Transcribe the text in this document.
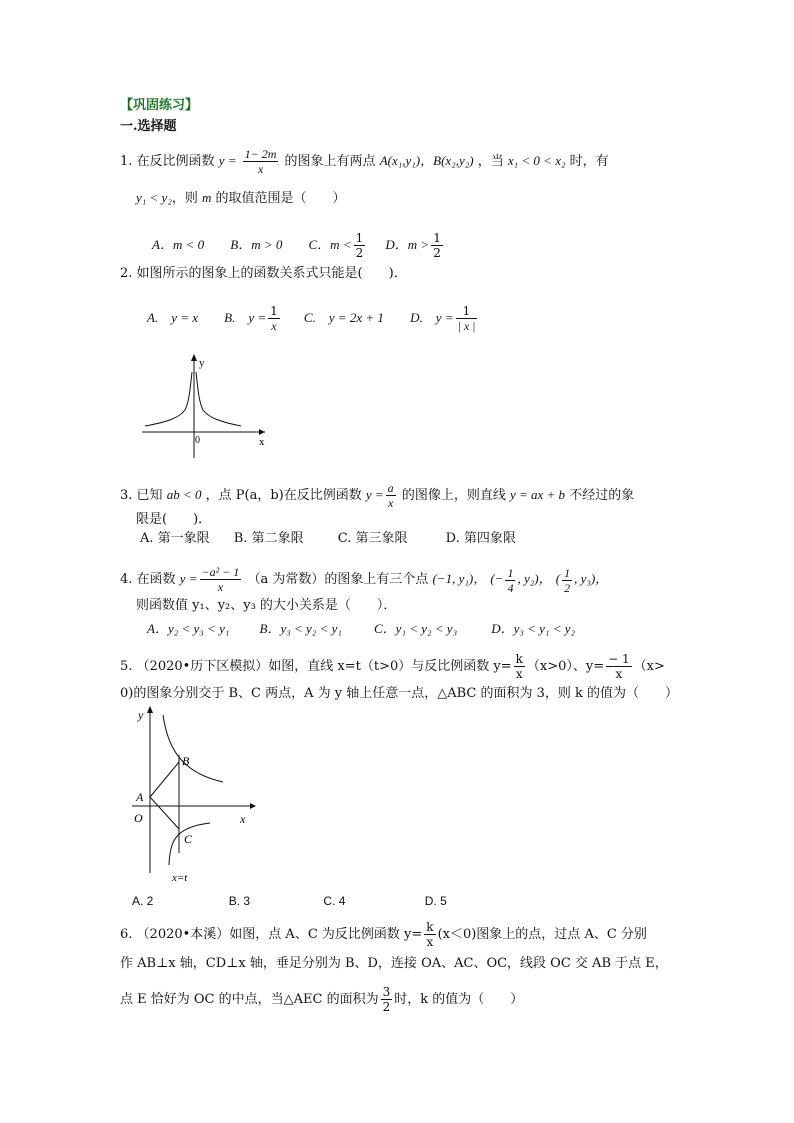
【巩固练习】
一.选择题
1. 在反比例函数 $y = \frac{1- 2m}{x}$ 的图象上有两点 A(x₁,y₁)，B(x₂,y₂) ，当 x₁ < 0 < x₂ 时，有
y₁ < y₂，则 m 的取值范围是（　　）
A．m < 0 B．m > 0 C．$m < \frac{1}{2}$ D．$m > \frac{1}{2}$
2. 如图所示的图象上的函数关系式只能是(　　)．
A.　y = x B.　$y = \frac{1}{x} C$.　y = 2x + 1 D.　$y = \frac{1}{| x |}$
y
x
0
3. 已知 ab < 0 ，点 P(a，b)在反比例函数 $y = \frac{a}{x}$ 的图像上，则直线 y = ax + b 不经过的象
限是(　　)．
A. 第一象限 B. 第二象限	C. 第三象限	D. 第四象限
4. 在函数 $y = \frac{\text{−a² − 1}}{x} (a$ 为常数）的图象上有三个点 (−1, y₁)， (− $\frac{1}{4}$ , y₂)， ( $\frac{1}{2}$ , y₃)，
则函数值 y₁、y₂、y₃ 的大小关系是（　　）．
A．y₂ < y₃ < y₁ B．y₃ < y₂ < y₁ C．y₁ < y₂ < y₃	D．y₃ < y₁ < y₂
5. （2020•历下区模拟）如图，直线 x=t（t>0）与反比例函数 $y= \frac{k}{x} (x>0)$、$y= \frac{- 1}{x} (x>$
0)的图象分别交于 B、C 两点，A 为 y 轴上任意一点，△ABC 的面积为 3，则 k 的值为（　　）
y
x
O
A
B
C
x=t
A. 2	B. 3	C. 4	D. 5
6. （2020•本溪）如图，点 A、C 为反比例函数 $y= \frac{k}{x} (x<0)$图象上的点，过点 A、C 分别
作 AB⊥x 轴，CD⊥x 轴，垂足分别为 B、D，连接 OA、AC、OC，线段 OC 交 AB 于点 E，
点 E 恰好为 OC 的中点，当△AEC 的面积为 $\frac{3}{2}$ 时，k 的值为（　　）
